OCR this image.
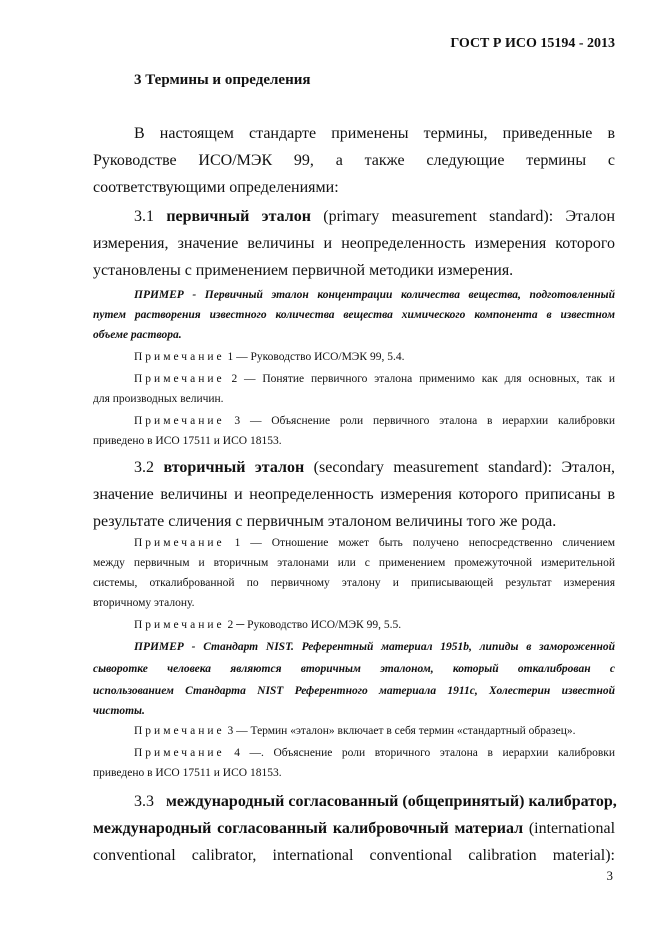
ГОСТ Р ИСО 15194 - 2013
3 Термины и определения
В настоящем стандарте применены термины, приведенные в
Руководстве ИСО/МЭК 99, а также следующие термины с
соответствующими определениями:
3.1 первичный эталон (primary measurement standard): Эталон
измерения, значение величины и неопределенность измерения которого
установлены с применением первичной методики измерения.
ПРИМЕР - Первичный эталон концентрации количества вещества, подготовленный
путем растворения известного количества вещества химического компонента в известном
объеме раствора.
Примечание 1 — Руководство ИСО/МЭК 99, 5.4.
Примечание 2 — Понятие первичного эталона применимо как для основных, так и
для производных величин.
Примечание 3 — Объяснение роли первичного эталона в иерархии калибровки
приведено в ИСО 17511 и ИСО 18153.
3.2 вторичный эталон (secondary measurement standard): Эталон,
значение величины и неопределенность измерения которого приписаны в
результате сличения с первичным эталоном величины того же рода.
Примечание 1 — Отношение может быть получено непосредственно сличением
между первичным и вторичным эталонами или с применением промежуточной измерительной
системы, откалиброванной по первичному эталону и приписывающей результат измерения
вторичному эталону.
Примечание 2 ─ Руководство ИСО/МЭК 99, 5.5.
ПРИМЕР - Стандарт NIST. Референтный материал 1951b, липиды в замороженной
сыворотке человека являются вторичным эталоном, который откалиброван с
использованием Стандарта NIST Референтного материала 1911c, Холестерин известной
чистоты.
Примечание 3 — Термин «эталон» включает в себя термин «стандартный образец».
Примечание 4 —. Объяснение роли вторичного эталона в иерархии калибровки
приведено в ИСО 17511 и ИСО 18153.
3.3 международный согласованный (общепринятый) калибратор,
международный согласованный калибровочный материал (international
conventional calibrator, international conventional calibration material):
3
